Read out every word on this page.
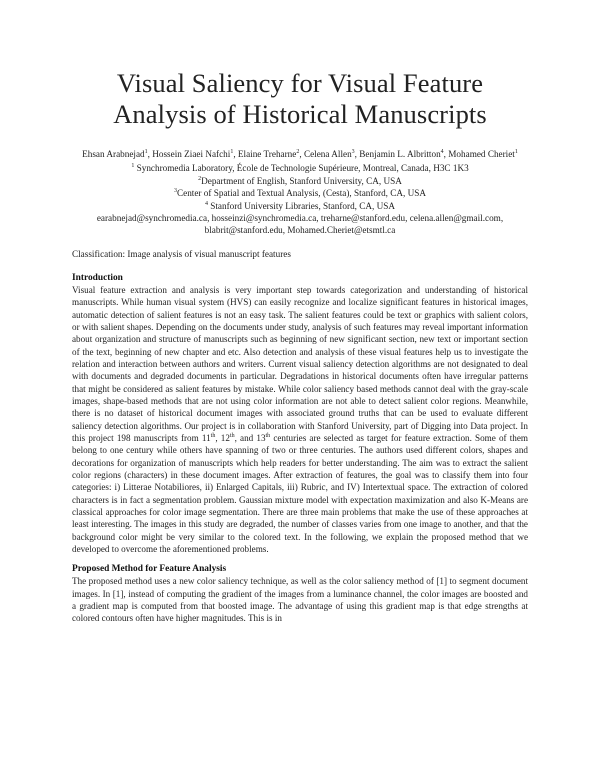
Visual Saliency for Visual Feature Analysis of Historical Manuscripts
Ehsan Arabnejad$^1$, Hossein Ziaei Nafchi$^1$, Elaine Treharne$^2$, Celena Allen$^3$, Benjamin L. Albritton$^4$, Mohamed Cheriet$^1$
$^1$ Synchromedia Laboratory, École de Technologie Supérieure, Montreal, Canada, H3C 1K3
$^2$Department of English, Stanford University, CA, USA
$^3$Center of Spatial and Textual Analysis, (Cesta), Stanford, CA, USA
$^4$ Stanford University Libraries, Stanford, CA, USA
earabnejad@synchromedia.ca, hosseinzi@synchromedia.ca, treharne@stanford.edu, celena.allen@gmail.com,
blabrit@stanford.edu, Mohamed.Cheriet@etsmtl.ca
Classification: Image analysis of visual manuscript features
Introduction

Visual feature extraction and analysis is very important step towards categorization and understanding of historical manuscripts. While human visual system (HVS) can easily recognize and localize significant features in historical images, automatic detection of salient features is not an easy task. The salient features could be text or graphics with salient colors, or with salient shapes. Depending on the documents under study, analysis of such features may reveal important information about organization and structure of manuscripts such as beginning of new significant section, new text or important section of the text, beginning of new chapter and etc. Also detection and analysis of these visual features help us to investigate the relation and interaction between authors and writers. Current visual saliency detection algorithms are not designated to deal with documents and degraded documents in particular. Degradations in historical documents often have irregular patterns that might be considered as salient features by mistake. While color saliency based methods cannot deal with the gray-scale images, shape-based methods that are not using color information are not able to detect salient color regions. Meanwhile, there is no dataset of historical document images with associated ground truths that can be used to evaluate different saliency detection algorithms. Our project is in collaboration with Stanford University, part of Digging into Data project. In this project 198 manuscripts from 11th, 12th, and 13th centuries are selected as target for feature extraction. Some of them belong to one century while others have spanning of two or three centuries. The authors used different colors, shapes and decorations for organization of manuscripts which help readers for better understanding. The aim was to extract the salient color regions (characters) in these document images. After extraction of features, the goal was to classify them into four categories: i) Litterae Notabiliores, ii) Enlarged Capitals, iii) Rubric, and IV) Intertextual space. The extraction of colored characters is in fact a segmentation problem. Gaussian mixture model with expectation maximization and also K-Means are classical approaches for color image segmentation. There are three main problems that make the use of these approaches at least interesting. The images in this study are degraded, the number of classes varies from one image to another, and that the background color might be very similar to the colored text. In the following, we explain the proposed method that we developed to overcome the aforementioned problems.

Proposed Method for Feature Analysis

The proposed method uses a new color saliency technique, as well as the color saliency method of [1] to segment document images. In [1], instead of computing the gradient of the images from a luminance channel, the color images are boosted and a gradient map is computed from that boosted image. The advantage of using this gradient map is that edge strengths at colored contours often have higher magnitudes. This is in
